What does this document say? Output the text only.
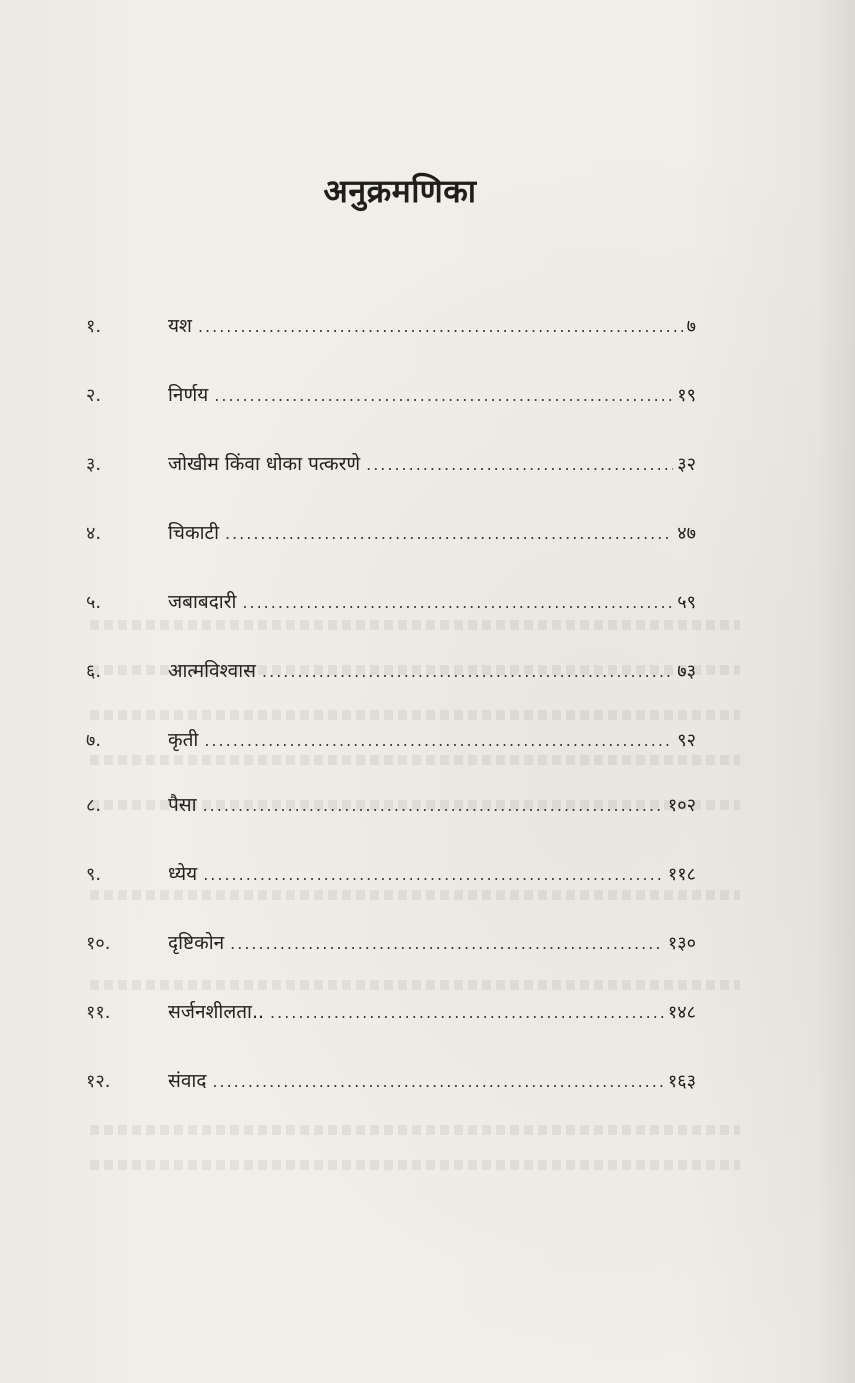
अनुक्रमणिका
१.	यश .....	७
२.	निर्णय .....	१९
३.	जोखीम किंवा धोका पत्करणे .....	३२
४.	चिकाटी .....	४७
५.	जबाबदारी .....	५९
६.	आत्मविश्वास .....	७३
७.	कृती .....	९२
८.	पैसा .....	१०२
९.	ध्येय .....	११८
१०.	दृष्टिकोन .....	१३०
११.	सर्जनशीलता.. .....	१४८
१२.	संवाद .....	१६३
